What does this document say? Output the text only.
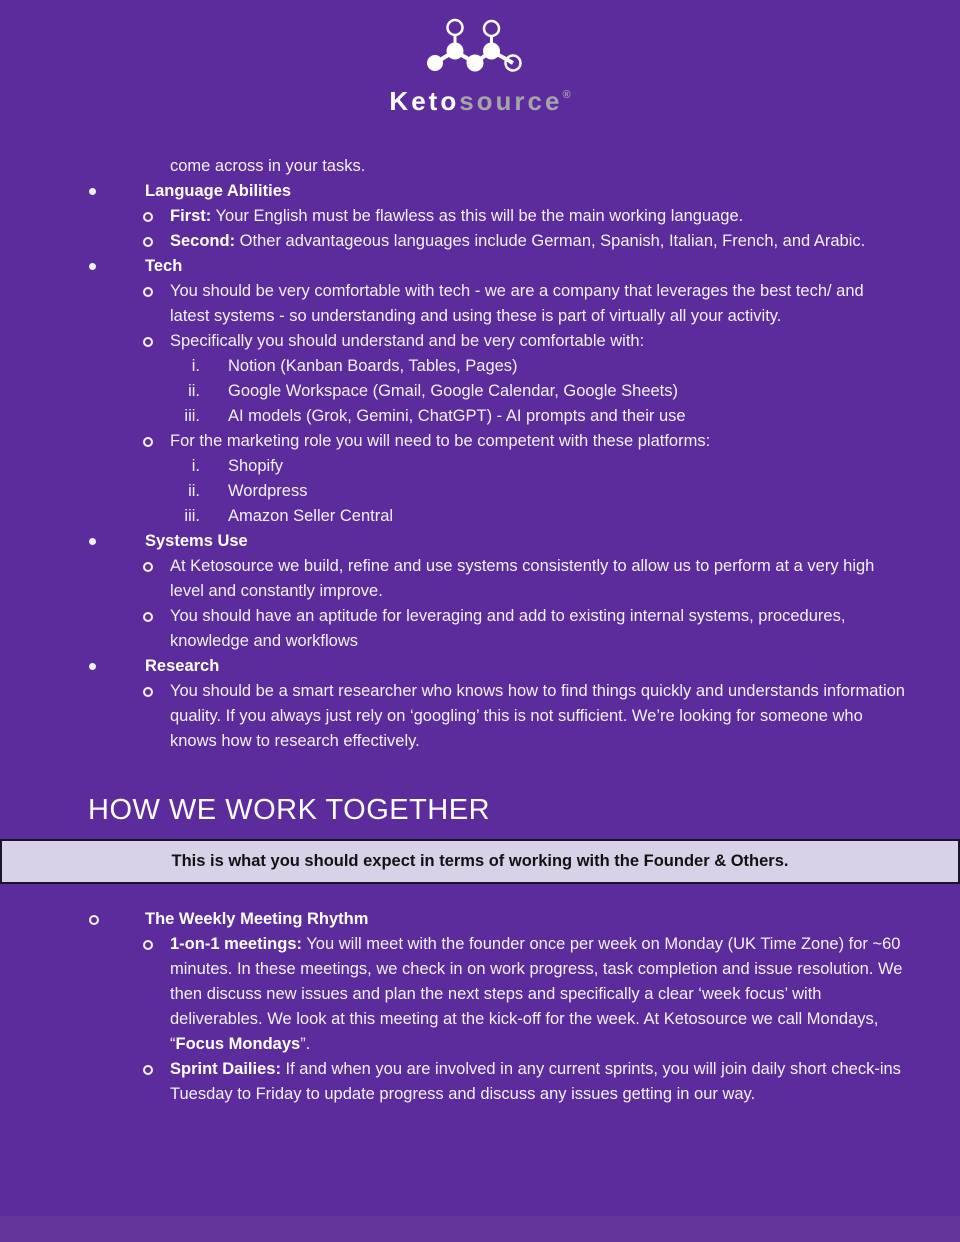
Ketosource®
come across in your tasks.
Language Abilities
First: Your English must be flawless as this will be the main working language.
Second: Other advantageous languages include German, Spanish, Italian, French, and Arabic.
Tech
You should be very comfortable with tech - we are a company that leverages the best tech/ and latest systems - so understanding and using these is part of virtually all your activity.
Specifically you should understand and be very comfortable with:
i. Notion (Kanban Boards, Tables, Pages)
ii. Google Workspace (Gmail, Google Calendar, Google Sheets)
iii. AI models (Grok, Gemini, ChatGPT) - AI prompts and their use
For the marketing role you will need to be competent with these platforms:
i. Shopify
ii. Wordpress
iii. Amazon Seller Central
Systems Use
At Ketosource we build, refine and use systems consistently to allow us to perform at a very high level and constantly improve.
You should have an aptitude for leveraging and add to existing internal systems, procedures, knowledge and workflows
Research
You should be a smart researcher who knows how to find things quickly and understands information quality. If you always just rely on ‘googling’ this is not sufficient. We’re looking for someone who knows how to research effectively.
HOW WE WORK TOGETHER
This is what you should expect in terms of working with the Founder & Others.
The Weekly Meeting Rhythm
1-on-1 meetings: You will meet with the founder once per week on Monday (UK Time Zone) for ~60 minutes. In these meetings, we check in on work progress, task completion and issue resolution. We then discuss new issues and plan the next steps and specifically a clear ‘week focus’ with deliverables. We look at this meeting at the kick-off for the week. At Ketosource we call Mondays, “Focus Mondays”.
Sprint Dailies: If and when you are involved in any current sprints, you will join daily short check-ins Tuesday to Friday to update progress and discuss any issues getting in our way.
